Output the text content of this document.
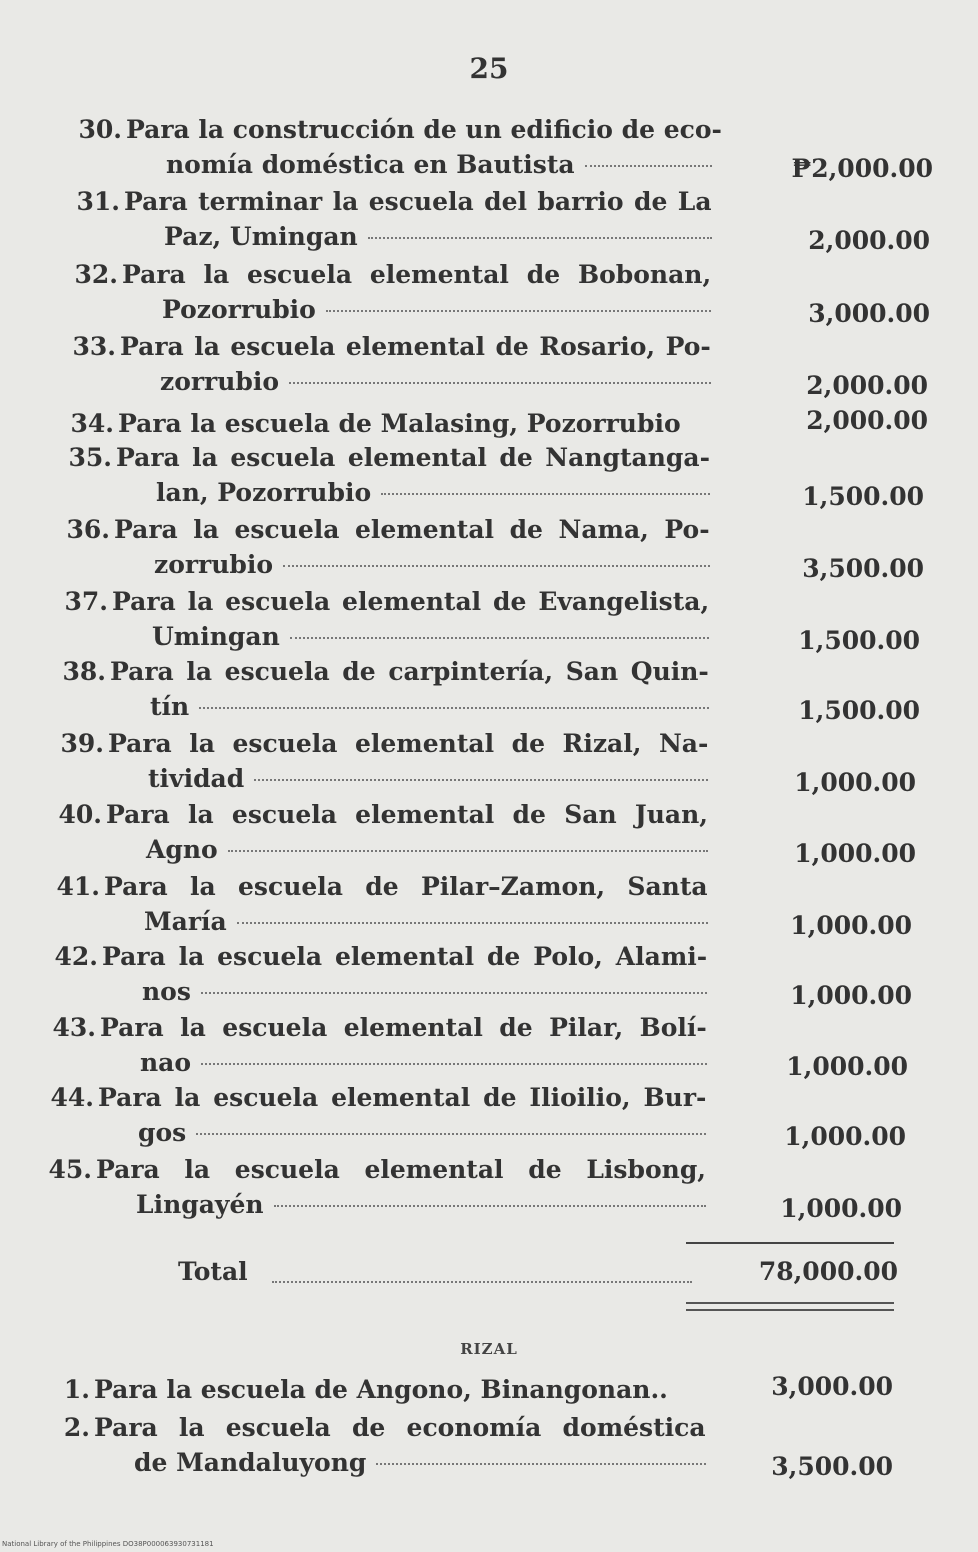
25
30. Para la construcción de un edificio de eco-
nomía doméstica en Bautista	₱2,000.00
31. Para terminar la escuela del barrio de La
Paz, Umingan	2,000.00
32. Para la escuela elemental de Bobonan,
Pozorrubio	3,000.00
33. Para la escuela elemental de Rosario, Po-
zorrubio	2,000.00
34. Para la escuela de Malasing, Pozorrubio	2,000.00
35. Para la escuela elemental de Nangtanga-
lan, Pozorrubio	1,500.00
36. Para la escuela elemental de Nama, Po-
zorrubio	3,500.00
37. Para la escuela elemental de Evangelista,
Umingan	1,500.00
38. Para la escuela de carpintería, San Quin-
tín	1,500.00
39. Para la escuela elemental de Rizal, Na-
tividad	1,000.00
40. Para la escuela elemental de San Juan,
Agno	1,000.00
41. Para la escuela de Pilar–Zamon, Santa
María	1,000.00
42. Para la escuela elemental de Polo, Alami-
nos	1,000.00
43. Para la escuela elemental de Pilar, Bolí-
nao	1,000.00
44. Para la escuela elemental de Ilioilio, Bur-
gos	1,000.00
45. Para la escuela elemental de Lisbong,
Lingayén	1,000.00
Total	78,000.00
RIZAL
1. Para la escuela de Angono, Binangonan..	3,000.00
2. Para la escuela de economía doméstica
de Mandaluyong	3,500.00
National Library of the Philippines DO38P000063930731181
